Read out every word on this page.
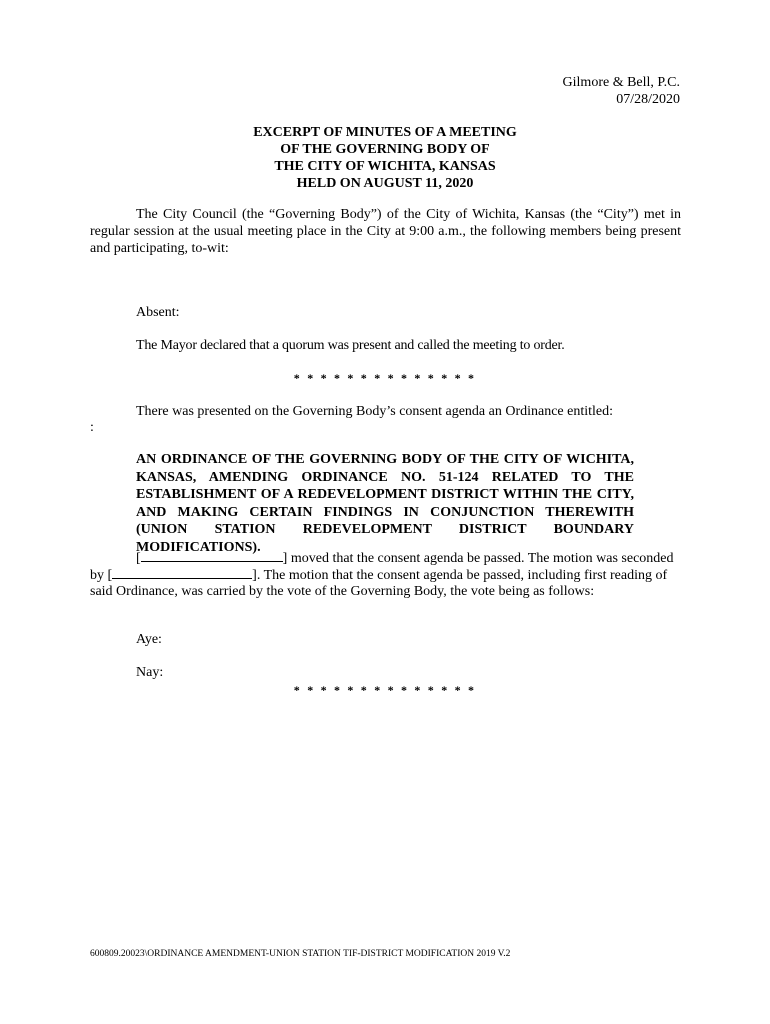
Gilmore & Bell, P.C.
07/28/2020
EXCERPT OF MINUTES OF A MEETING
OF THE GOVERNING BODY OF
THE CITY OF WICHITA, KANSAS
HELD ON AUGUST 11, 2020
The City Council (the “Governing Body”) of the City of Wichita, Kansas (the “City”) met in regular session at the usual meeting place in the City at 9:00 a.m., the following members being present and participating, to-wit:
Absent:
The Mayor declared that a quorum was present and called the meeting to order.
* * * * * * * * * * * * * *
There was presented on the Governing Body’s consent agenda an Ordinance entitled:
:
AN ORDINANCE OF THE GOVERNING BODY OF THE CITY OF WICHITA, KANSAS, AMENDING ORDINANCE NO. 51-124 RELATED TO THE ESTABLISHMENT OF A REDEVELOPMENT DISTRICT WITHIN THE CITY, AND MAKING CERTAIN FINDINGS IN CONJUNCTION THEREWITH (UNION STATION REDEVELOPMENT DISTRICT BOUNDARY MODIFICATIONS).
[	] moved that the consent agenda be passed. The motion was seconded
by [	]. The motion that the consent agenda be passed, including first reading of
said Ordinance, was carried by the vote of the Governing Body, the vote being as follows:
Aye:
Nay:
* * * * * * * * * * * * * *
600809.20023\ORDINANCE AMENDMENT-UNION STATION TIF-DISTRICT MODIFICATION 2019 V.2
